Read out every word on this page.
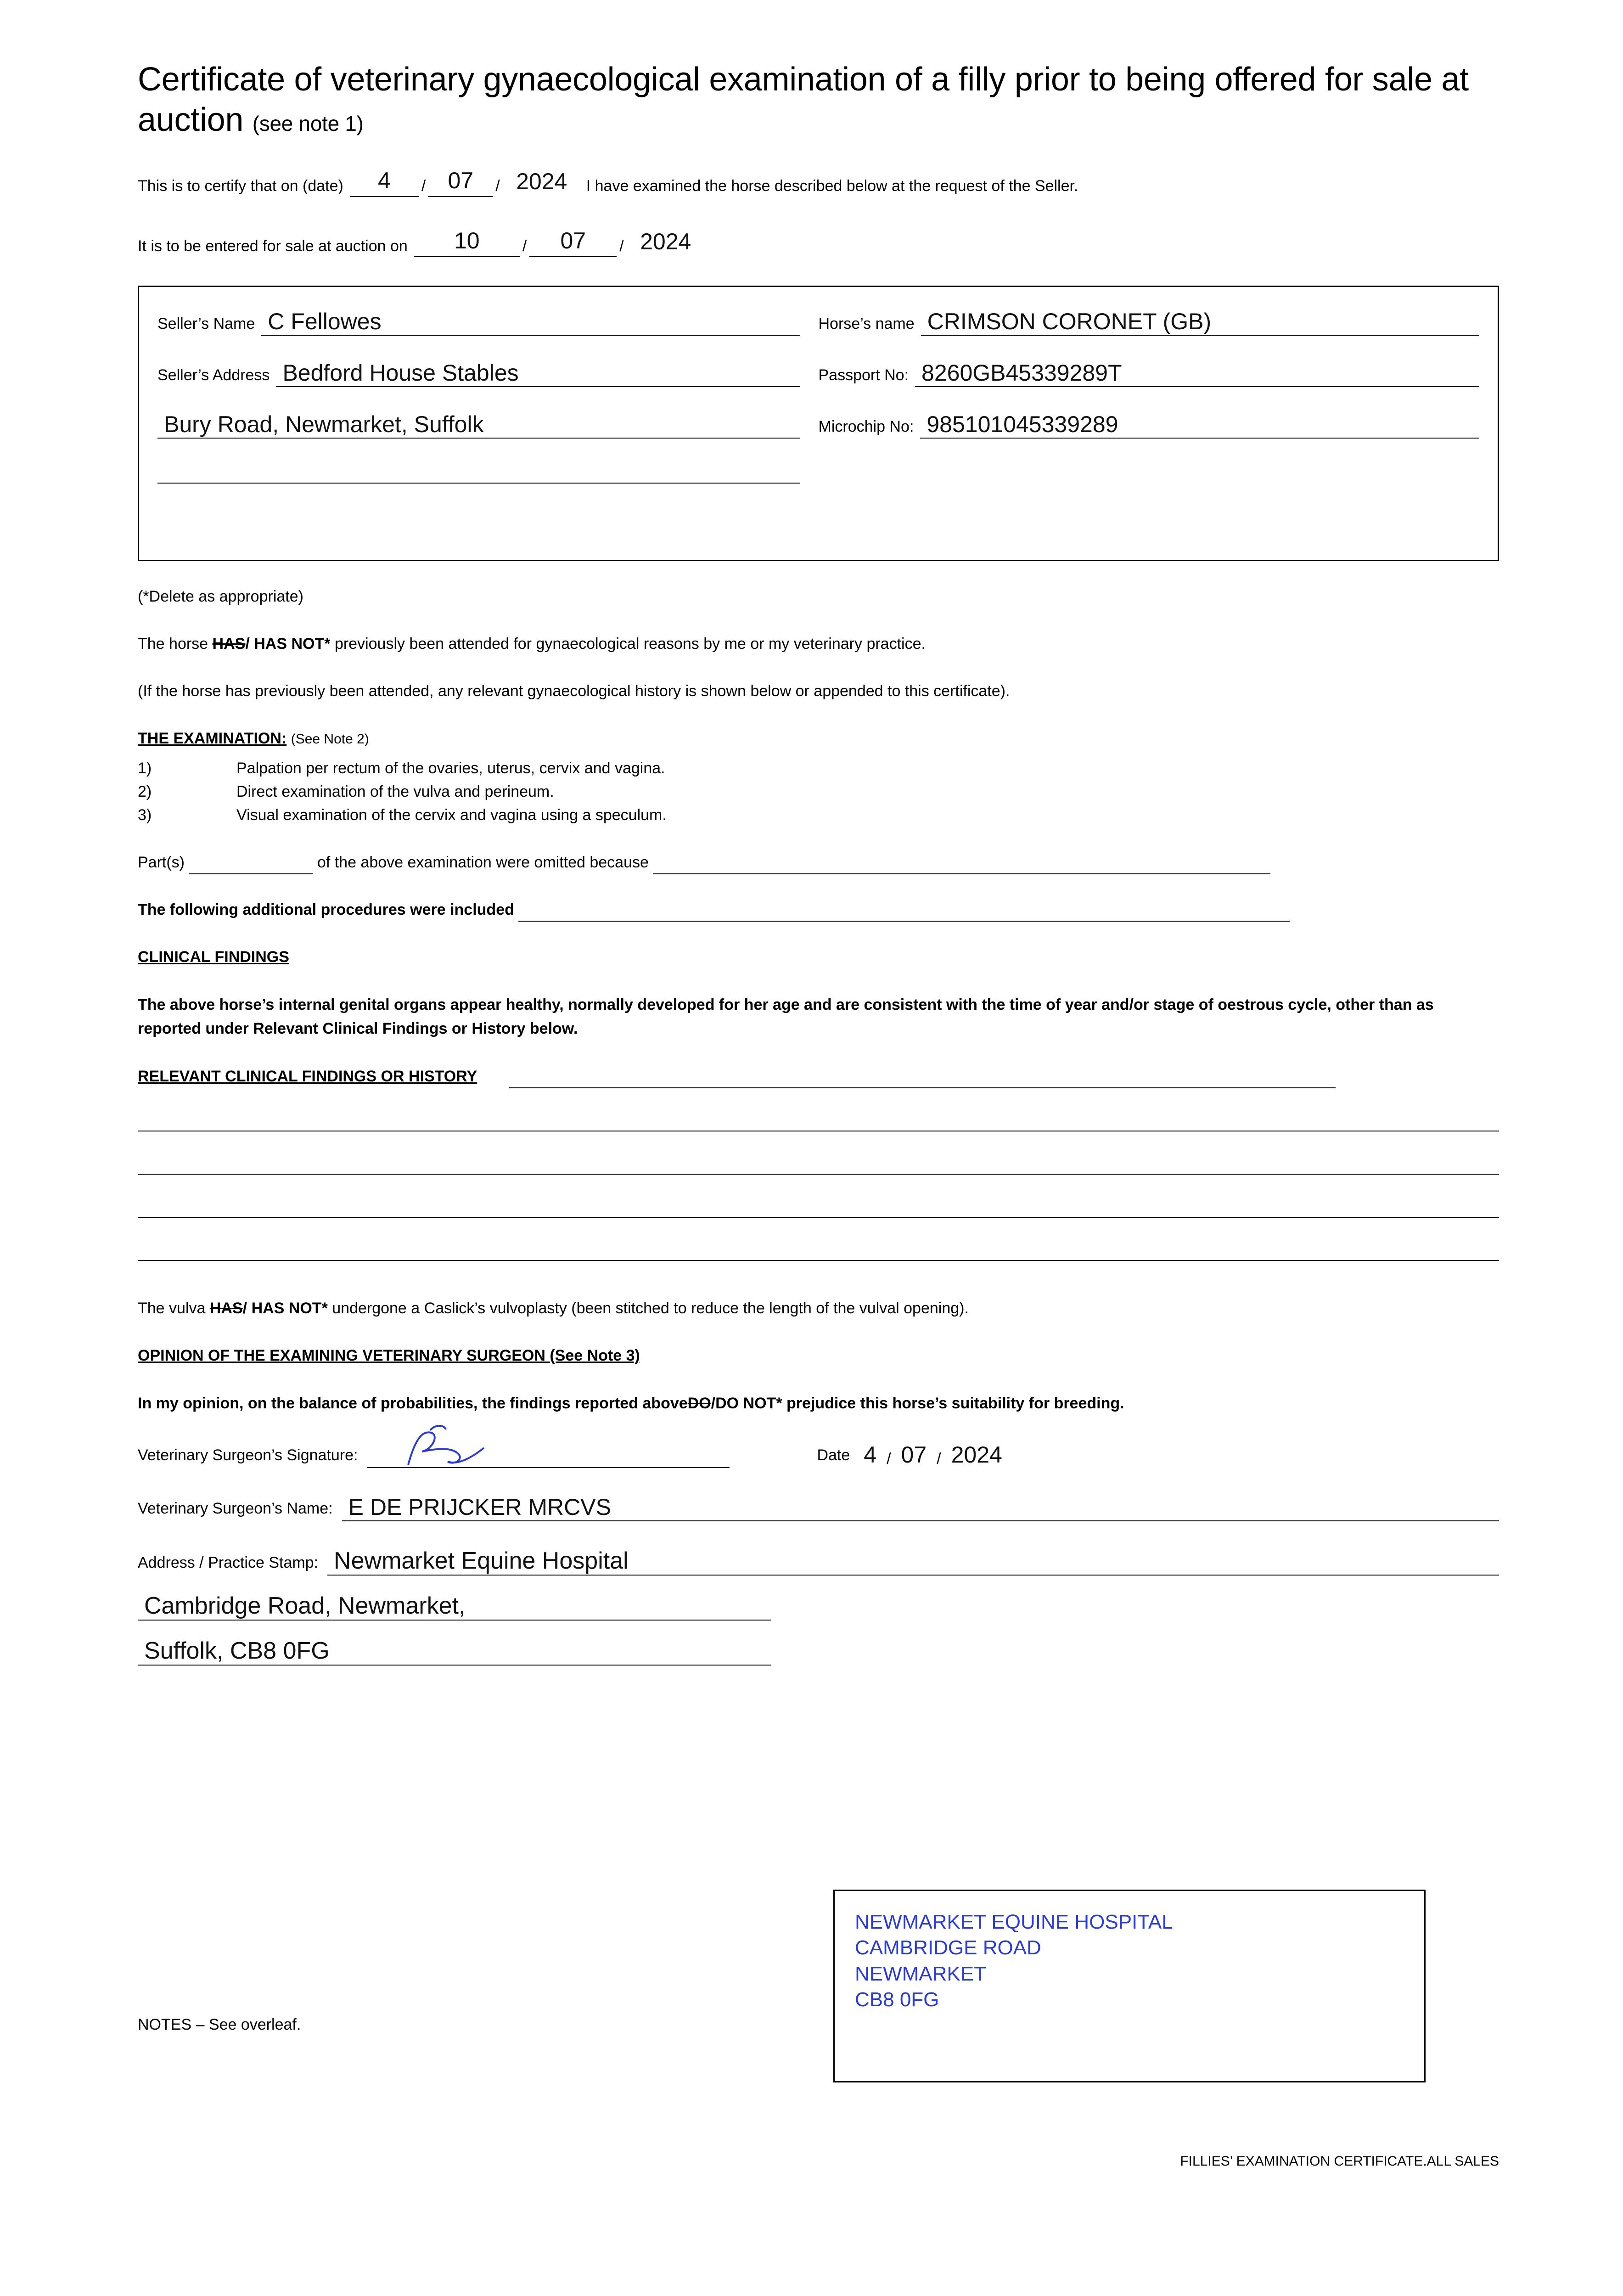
Certificate of veterinary gynaecological examination of a filly prior to being offered for sale at auction (see note 1)
This is to certify that on (date)	4	/ 07	/ 2024	I have examined the horse described below at the request of the Seller.
It is to be entered for sale at auction on	10	/	07	/ 2024
Seller’s Name C Fellowes
Seller’s Address Bedford House Stables
Bury Road, Newmarket, Suffolk
Horse’s name CRIMSON CORONET (GB)
Passport No: 8260GB45339289T
Microchip No: 985101045339289
(*Delete as appropriate)
The horse HAS/ HAS NOT* previously been attended for gynaecological reasons by me or my veterinary practice.
(If the horse has previously been attended, any relevant gynaecological history is shown below or appended to this certificate).
THE EXAMINATION: (See Note 2)
1)	Palpation per rectum of the ovaries, uterus, cervix and vagina.
2)	Direct examination of the vulva and perineum.
3)	Visual examination of the cervix and vagina using a speculum.
Part(s)	of the above examination were omitted because
The following additional procedures were included
CLINICAL FINDINGS
The above horse’s internal genital organs appear healthy, normally developed for her age and are consistent with the time of year and/or stage of oestrous cycle, other than as reported under Relevant Clinical Findings or History below.
RELEVANT CLINICAL FINDINGS OR HISTORY
The vulva HAS/ HAS NOT* undergone a Caslick’s vulvoplasty (been stitched to reduce the length of the vulval opening).
OPINION OF THE EXAMINING VETERINARY SURGEON (See Note 3)
In my opinion, on the balance of probabilities, the findings reported aboveDO/DO NOT* prejudice this horse’s suitability for breeding.
Veterinary Surgeon’s Signature:	Date 4 / 07 / 2024
Veterinary Surgeon’s Name: E DE PRIJCKER MRCVS
Address / Practice Stamp: Newmarket Equine Hospital
Cambridge Road, Newmarket,
Suffolk, CB8 0FG
NEWMARKET EQUINE HOSPITAL
CAMBRIDGE ROAD
NEWMARKET
CB8 0FG
NOTES – See overleaf.
FILLIES’ EXAMINATION CERTIFICATE.ALL SALES
